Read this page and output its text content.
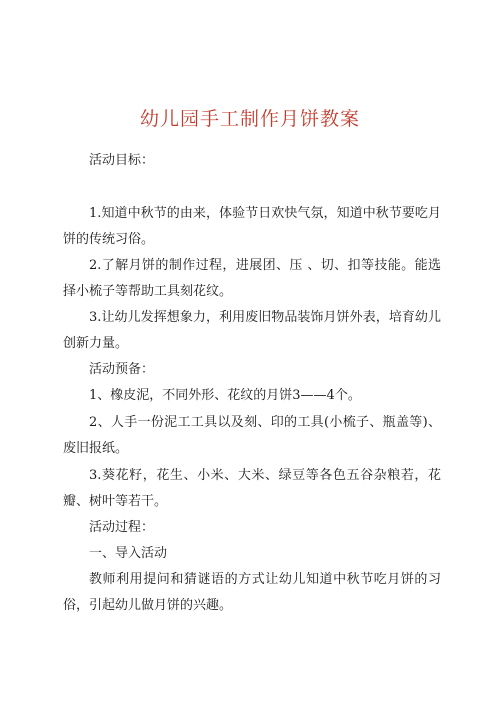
幼儿园手工制作月饼教案
活动目标：
1.知道中秋节的由来，体验节日欢快气氛，知道中秋节要吃月饼的传统习俗。
2.了解月饼的制作过程，进展团、压 、切、扣等技能。能选择小梳子等帮助工具刻花纹。
3.让幼儿发挥想象力，利用废旧物品装饰月饼外表，培育幼儿创新力量。
活动预备：
1、橡皮泥，不同外形、花纹的月饼3——4个。
2、人手一份泥工工具以及刻、印的工具(小梳子、瓶盖等)、废旧报纸。
3.葵花籽，花生、小米、大米、绿豆等各色五谷杂粮若，花瓣、树叶等若干。
活动过程：
一、导入活动
教师利用提问和猜谜语的方式让幼儿知道中秋节吃月饼的习俗，引起幼儿做月饼的兴趣。
